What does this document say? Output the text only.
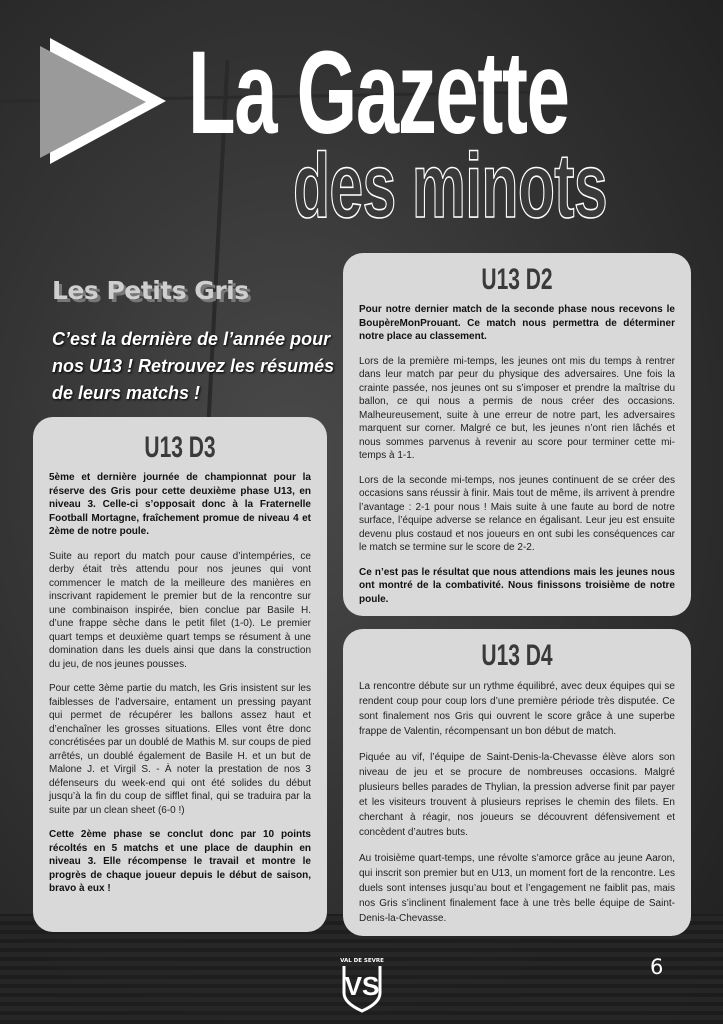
La Gazette
des minots
Les Petits Gris
C’est la dernière de l’année pour nos U13 ! Retrouvez les résumés de leurs matchs !
U13 D3

5ème et dernière journée de championnat pour la réserve des Gris pour cette deuxième phase U13, en niveau 3. Celle-ci s’opposait donc à la Fraternelle Football Mortagne, fraîchement promue de niveau 4 et 2ème de notre poule.

Suite au report du match pour cause d’intempéries, ce derby était très attendu pour nos jeunes qui vont commencer le match de la meilleure des manières en inscrivant rapidement le premier but de la rencontre sur une combinaison inspirée, bien conclue par Basile H. d’une frappe sèche dans le petit filet (1-0). Le premier quart temps et deuxième quart temps se résument à une domination dans les duels ainsi que dans la construction du jeu, de nos jeunes pousses.

Pour cette 3ème partie du match, les Gris insistent sur les faiblesses de l’adversaire, entament un pressing payant qui permet de récupérer les ballons assez haut et d’enchaîner les grosses situations. Elles vont être donc concrétisées par un doublé de Mathis M. sur coups de pied arrêtés, un doublé également de Basile H. et un but de Malone J. et Virgil S. - À noter la prestation de nos 3 défenseurs du week-end qui ont été solides du début jusqu’à la fin du coup de sifflet final, qui se traduira par la suite par un clean sheet (6-0 !)

Cette 2ème phase se conclut donc par 10 points récoltés en 5 matchs et une place de dauphin en niveau 3. Elle récompense le travail et montre le progrès de chaque joueur depuis le début de saison, bravo à eux !

U13 D2

Pour notre dernier match de la seconde phase nous recevons le BoupèreMonProuant. Ce match nous permettra de déterminer notre place au classement.

Lors de la première mi-temps, les jeunes ont mis du temps à rentrer dans leur match par peur du physique des adversaires. Une fois la crainte passée, nos jeunes ont su s’imposer et prendre la maîtrise du ballon, ce qui nous a permis de nous créer des occasions. Malheureusement, suite à une erreur de notre part, les adversaires marquent sur corner. Malgré ce but, les jeunes n’ont rien lâchés et nous sommes parvenus à revenir au score pour terminer cette mi-temps à 1-1.

Lors de la seconde mi-temps, nos jeunes continuent de se créer des occasions sans réussir à finir. Mais tout de même, ils arrivent à prendre l’avantage : 2-1 pour nous ! Mais suite à une faute au bord de notre surface, l’équipe adverse se relance en égalisant. Leur jeu est ensuite devenu plus costaud et nos joueurs en ont subi les conséquences car le match se termine sur le score de 2-2.

Ce n’est pas le résultat que nous attendions mais les jeunes nous ont montré de la combativité. Nous finissons troisième de notre poule.

U13 D4

La rencontre débute sur un rythme équilibré, avec deux équipes qui se rendent coup pour coup lors d’une première période très disputée. Ce sont finalement nos Gris qui ouvrent le score grâce à une superbe frappe de Valentin, récompensant un bon début de match.

Piquée au vif, l’équipe de Saint-Denis-la-Chevasse élève alors son niveau de jeu et se procure de nombreuses occasions. Malgré plusieurs belles parades de Thylian, la pression adverse finit par payer et les visiteurs trouvent à plusieurs reprises le chemin des filets. En cherchant à réagir, nos joueurs se découvrent défensivement et concèdent d’autres buts.

Au troisième quart-temps, une révolte s’amorce grâce au jeune Aaron, qui inscrit son premier but en U13, un moment fort de la rencontre. Les duels sont intenses jusqu’au bout et l’engagement ne faiblit pas, mais nos Gris s’inclinent finalement face à une très belle équipe de Saint-Denis-la-Chevasse.

VAL DE SEVRE
VS
6
